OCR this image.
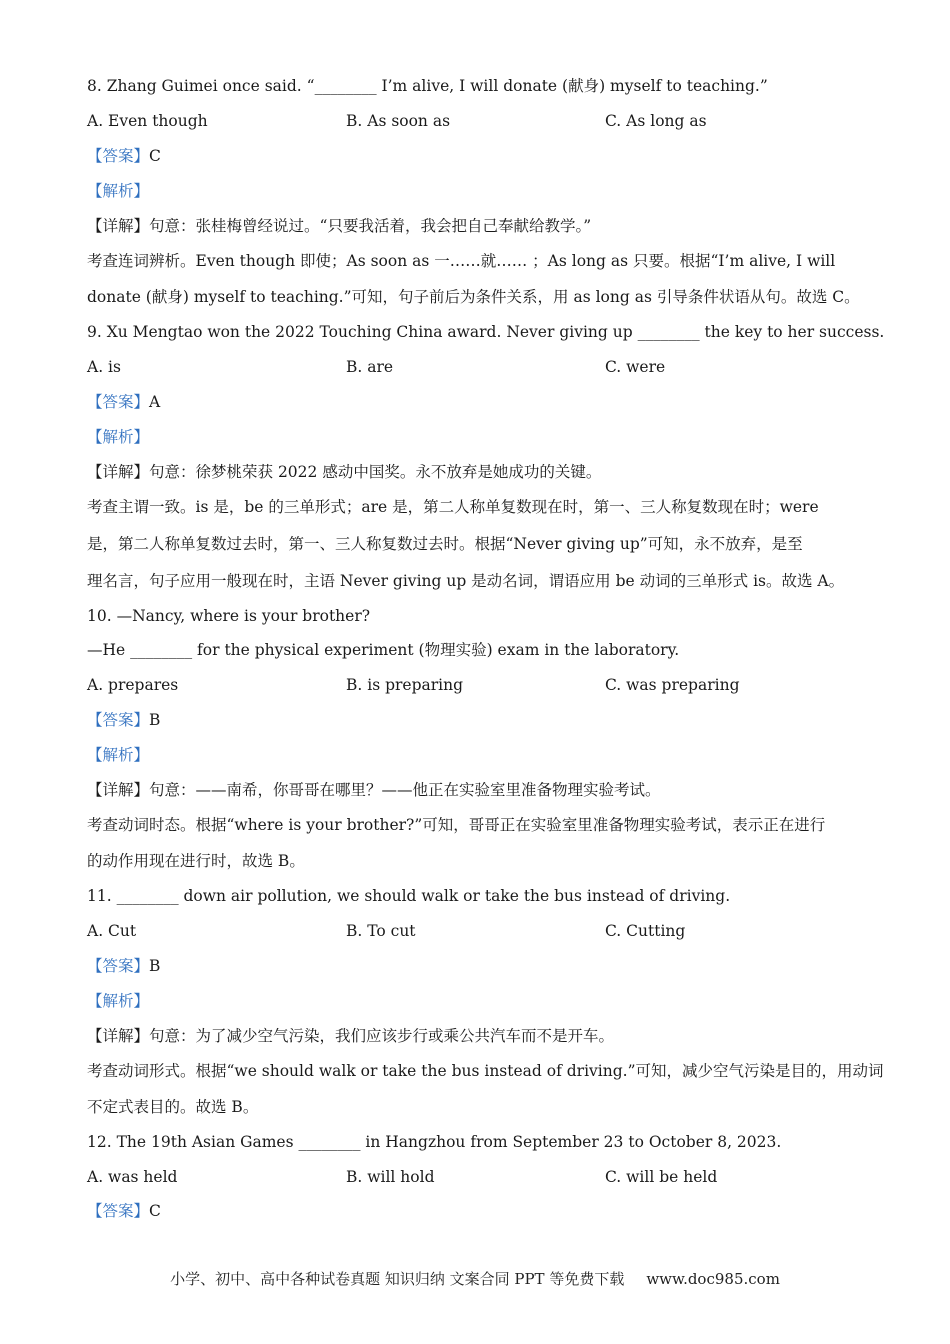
8. Zhang Guimei once said. “________ I’m alive, I will donate (献身) myself to teaching.”
A. Even though	B. As soon as	C. As long as
【答案】C
【解析】
【详解】句意：张桂梅曾经说过。“只要我活着，我会把自己奉献给教学。”
考查连词辨析。Even though 即使；As soon as 一……就…… ；As long as 只要。根据“I’m alive, I will
donate (献身) myself to teaching.”可知，句子前后为条件关系，用 as long as 引导条件状语从句。故选 C。
9. Xu Mengtao won the 2022 Touching China award. Never giving up ________ the key to her success.
A. is	B. are	C. were
【答案】A
【解析】
【详解】句意：徐梦桃荣获 2022 感动中国奖。永不放弃是她成功的关键。
考查主谓一致。is 是，be 的三单形式；are 是，第二人称单复数现在时，第一、三人称复数现在时；were
是，第二人称单复数过去时，第一、三人称复数过去时。根据“Never giving up”可知，永不放弃，是至
理名言，句子应用一般现在时，主语 Never giving up 是动名词，谓语应用 be 动词的三单形式 is。故选 A。
10. —Nancy, where is your brother?
—He ________ for the physical experiment (物理实验) exam in the laboratory.
A. prepares	B. is preparing	C. was preparing
【答案】B
【解析】
【详解】句意：——南希，你哥哥在哪里？——他正在实验室里准备物理实验考试。
考查动词时态。根据“where is your brother?”可知，哥哥正在实验室里准备物理实验考试，表示正在进行
的动作用现在进行时，故选 B。
11. ________ down air pollution, we should walk or take the bus instead of driving.
A. Cut	B. To cut	C. Cutting
【答案】B
【解析】
【详解】句意：为了减少空气污染，我们应该步行或乘公共汽车而不是开车。
考查动词形式。根据“we should walk or take the bus instead of driving.”可知，减少空气污染是目的，用动词
不定式表目的。故选 B。
12. The 19th Asian Games ________ in Hangzhou from September 23 to October 8, 2023.
A. was held	B. will hold	C. will be held
【答案】C
小学、初中、高中各种试卷真题 知识归纳 文案合同 PPT 等免费下载 www.doc985.com
